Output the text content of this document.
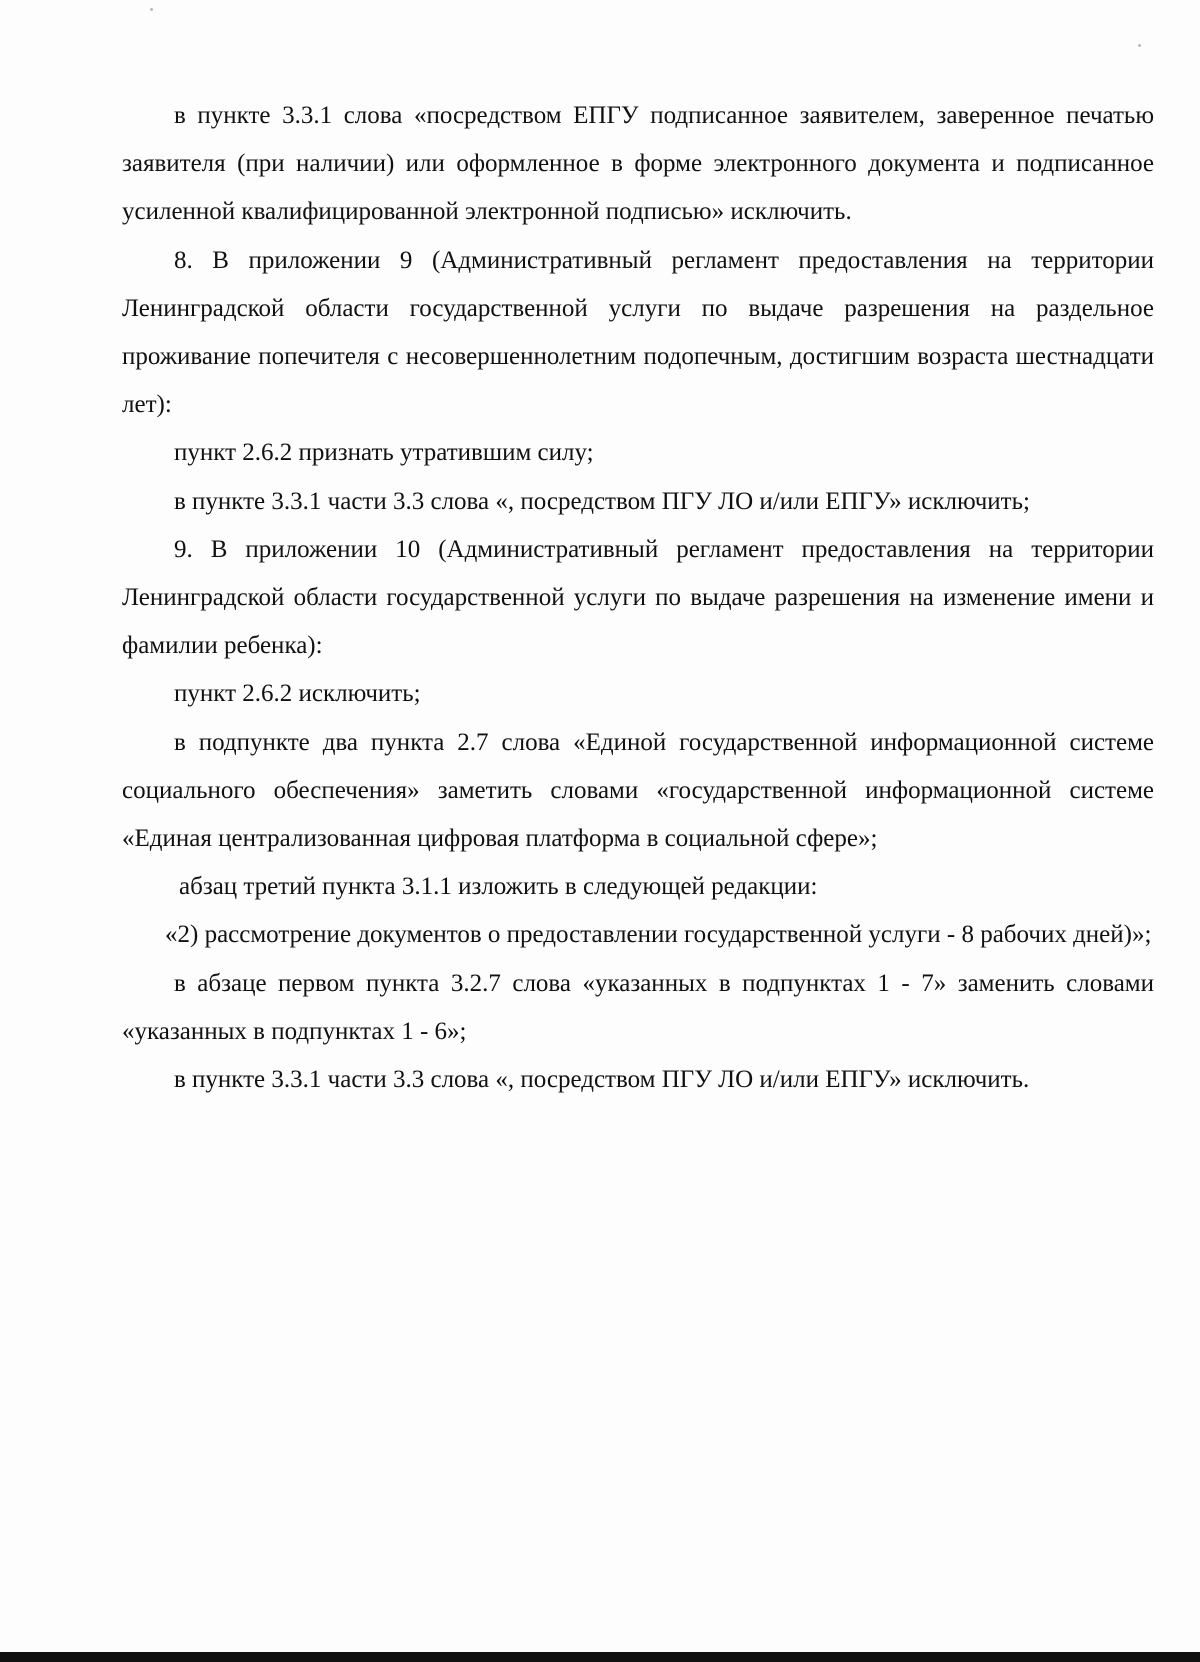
в пункте 3.3.1 слова «посредством ЕПГУ подписанное заявителем, заверенное печатью заявителя (при наличии) или оформленное в форме электронного документа и подписанное усиленной квалифицированной электронной подписью» исключить.

8. В приложении 9 (Административный регламент предоставления на территории Ленинградской области государственной услуги по выдаче разрешения на раздельное проживание попечителя с несовершеннолетним подопечным, достигшим возраста шестнадцати лет):

пункт 2.6.2 признать утратившим силу;

в пункте 3.3.1 части 3.3 слова «, посредством ПГУ ЛО и/или ЕПГУ» исключить;

9. В приложении 10 (Административный регламент предоставления на территории Ленинградской области государственной услуги по выдаче разрешения на изменение имени и фамилии ребенка):

пункт 2.6.2 исключить;

в подпункте два пункта 2.7 слова «Единой государственной информационной системе социального обеспечения» заметить словами «государственной информационной системе «Единая централизованная цифровая платформа в социальной сфере»;

абзац третий пункта 3.1.1 изложить в следующей редакции:

«2) рассмотрение документов о предоставлении государственной услуги - 8 рабочих дней)»;

в абзаце первом пункта 3.2.7 слова «указанных в подпунктах 1 - 7» заменить словами «указанных в подпунктах 1 - 6»;

в пункте 3.3.1 части 3.3 слова «, посредством ПГУ ЛО и/или ЕПГУ» исключить.
